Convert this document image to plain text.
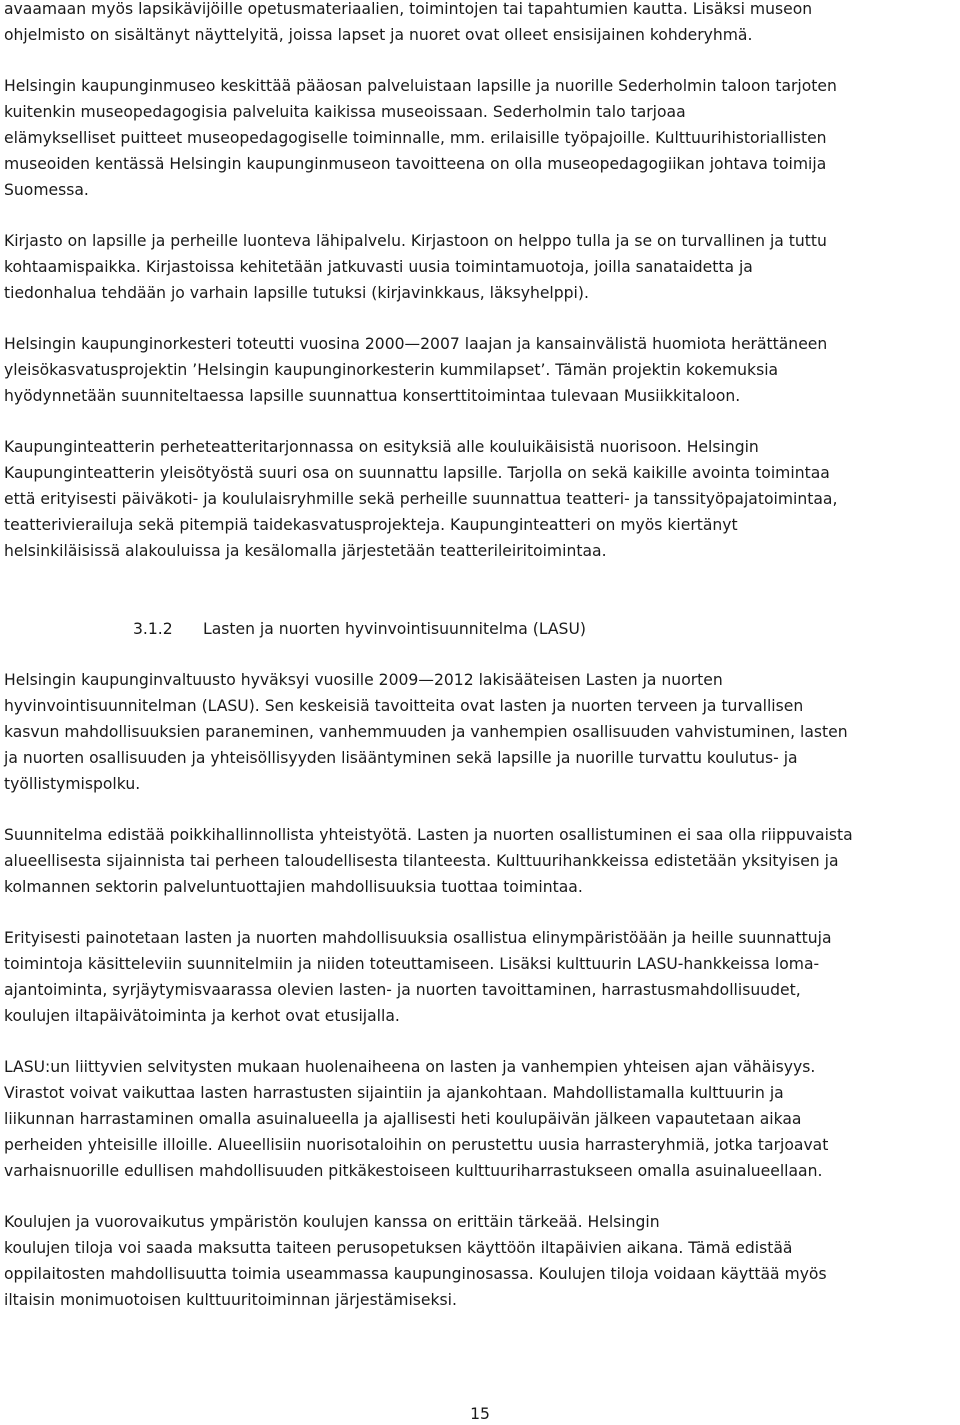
avaamaan myös lapsikävijöille opetusmateriaalien, toimintojen tai tapahtumien kautta. Lisäksi museon
ohjelmisto on sisältänyt näyttelyitä, joissa lapset ja nuoret ovat olleet ensisijainen kohderyhmä.

Helsingin kaupunginmuseo keskittää pääosan palveluistaan lapsille ja nuorille Sederholmin taloon tarjoten
kuitenkin museopedagogisia palveluita kaikissa museoissaan. Sederholmin talo tarjoaa
elämykselliset puitteet museopedagogiselle toiminnalle, mm. erilaisille työpajoille. Kulttuurihistoriallisten
museoiden kentässä Helsingin kaupunginmuseon tavoitteena on olla museopedagogiikan johtava toimija
Suomessa.

Kirjasto on lapsille ja perheille luonteva lähipalvelu. Kirjastoon on helppo tulla ja se on turvallinen ja tuttu
kohtaamispaikka. Kirjastoissa kehitetään jatkuvasti uusia toimintamuotoja, joilla sanataidetta ja
tiedonhalua tehdään jo varhain lapsille tutuksi (kirjavinkkaus, läksyhelppi).

Helsingin kaupunginorkesteri toteutti vuosina 2000—2007 laajan ja kansainvälistä huomiota herättäneen
yleisökasvatusprojektin ’Helsingin kaupunginorkesterin kummilapset’. Tämän projektin kokemuksia
hyödynnetään suunniteltaessa lapsille suunnattua konserttitoimintaa tulevaan Musiikkitaloon.

Kaupunginteatterin perheteatteritarjonnassa on esityksiä alle kouluikäisistä nuorisoon. Helsingin
Kaupunginteatterin yleisötyöstä suuri osa on suunnattu lapsille. Tarjolla on sekä kaikille avointa toimintaa
että erityisesti päiväkoti- ja koululaisryhmille sekä perheille suunnattua teatteri- ja tanssityöpajatoimintaa,
teatterivierailuja sekä pitempiä taidekasvatusprojekteja. Kaupunginteatteri on myös kiertänyt
helsinkiläisissä alakouluissa ja kesälomalla järjestetään teatterileiritoimintaa.

3.1.2 Lasten ja nuorten hyvinvointisuunnitelma (LASU)

Helsingin kaupunginvaltuusto hyväksyi vuosille 2009—2012 lakisääteisen Lasten ja nuorten
hyvinvointisuunnitelman (LASU). Sen keskeisiä tavoitteita ovat lasten ja nuorten terveen ja turvallisen
kasvun mahdollisuuksien paraneminen, vanhemmuuden ja vanhempien osallisuuden vahvistuminen, lasten
ja nuorten osallisuuden ja yhteisöllisyyden lisääntyminen sekä lapsille ja nuorille turvattu koulutus- ja
työllistymispolku.

Suunnitelma edistää poikkihallinnollista yhteistyötä. Lasten ja nuorten osallistuminen ei saa olla riippuvaista
alueellisesta sijainnista tai perheen taloudellisesta tilanteesta. Kulttuurihankkeissa edistetään yksityisen ja
kolmannen sektorin palveluntuottajien mahdollisuuksia tuottaa toimintaa.

Erityisesti painotetaan lasten ja nuorten mahdollisuuksia osallistua elinympäristöään ja heille suunnattuja
toimintoja käsitteleviin suunnitelmiin ja niiden toteuttamiseen. Lisäksi kulttuurin LASU-hankkeissa loma-
ajantoiminta, syrjäytymisvaarassa olevien lasten- ja nuorten tavoittaminen, harrastusmahdollisuudet,
koulujen iltapäivätoiminta ja kerhot ovat etusijalla.

LASU:un liittyvien selvitysten mukaan huolenaiheena on lasten ja vanhempien yhteisen ajan vähäisyys.
Virastot voivat vaikuttaa lasten harrastusten sijaintiin ja ajankohtaan. Mahdollistamalla kulttuurin ja
liikunnan harrastaminen omalla asuinalueella ja ajallisesti heti koulupäivän jälkeen vapautetaan aikaa
perheiden yhteisille illoille. Alueellisiin nuorisotaloihin on perustettu uusia harrasteryhmiä, jotka tarjoavat
varhaisnuorille edullisen mahdollisuuden pitkäkestoiseen kulttuuriharrastukseen omalla asuinalueellaan.

Koulujen ja vuorovaikutus ympäristön koulujen kanssa on erittäin tärkeää. Helsingin
koulujen tiloja voi saada maksutta taiteen perusopetuksen käyttöön iltapäivien aikana. Tämä edistää
oppilaitosten mahdollisuutta toimia useammassa kaupunginosassa. Koulujen tiloja voidaan käyttää myös
iltaisin monimuotoisen kulttuuritoiminnan järjestämiseksi.

15
